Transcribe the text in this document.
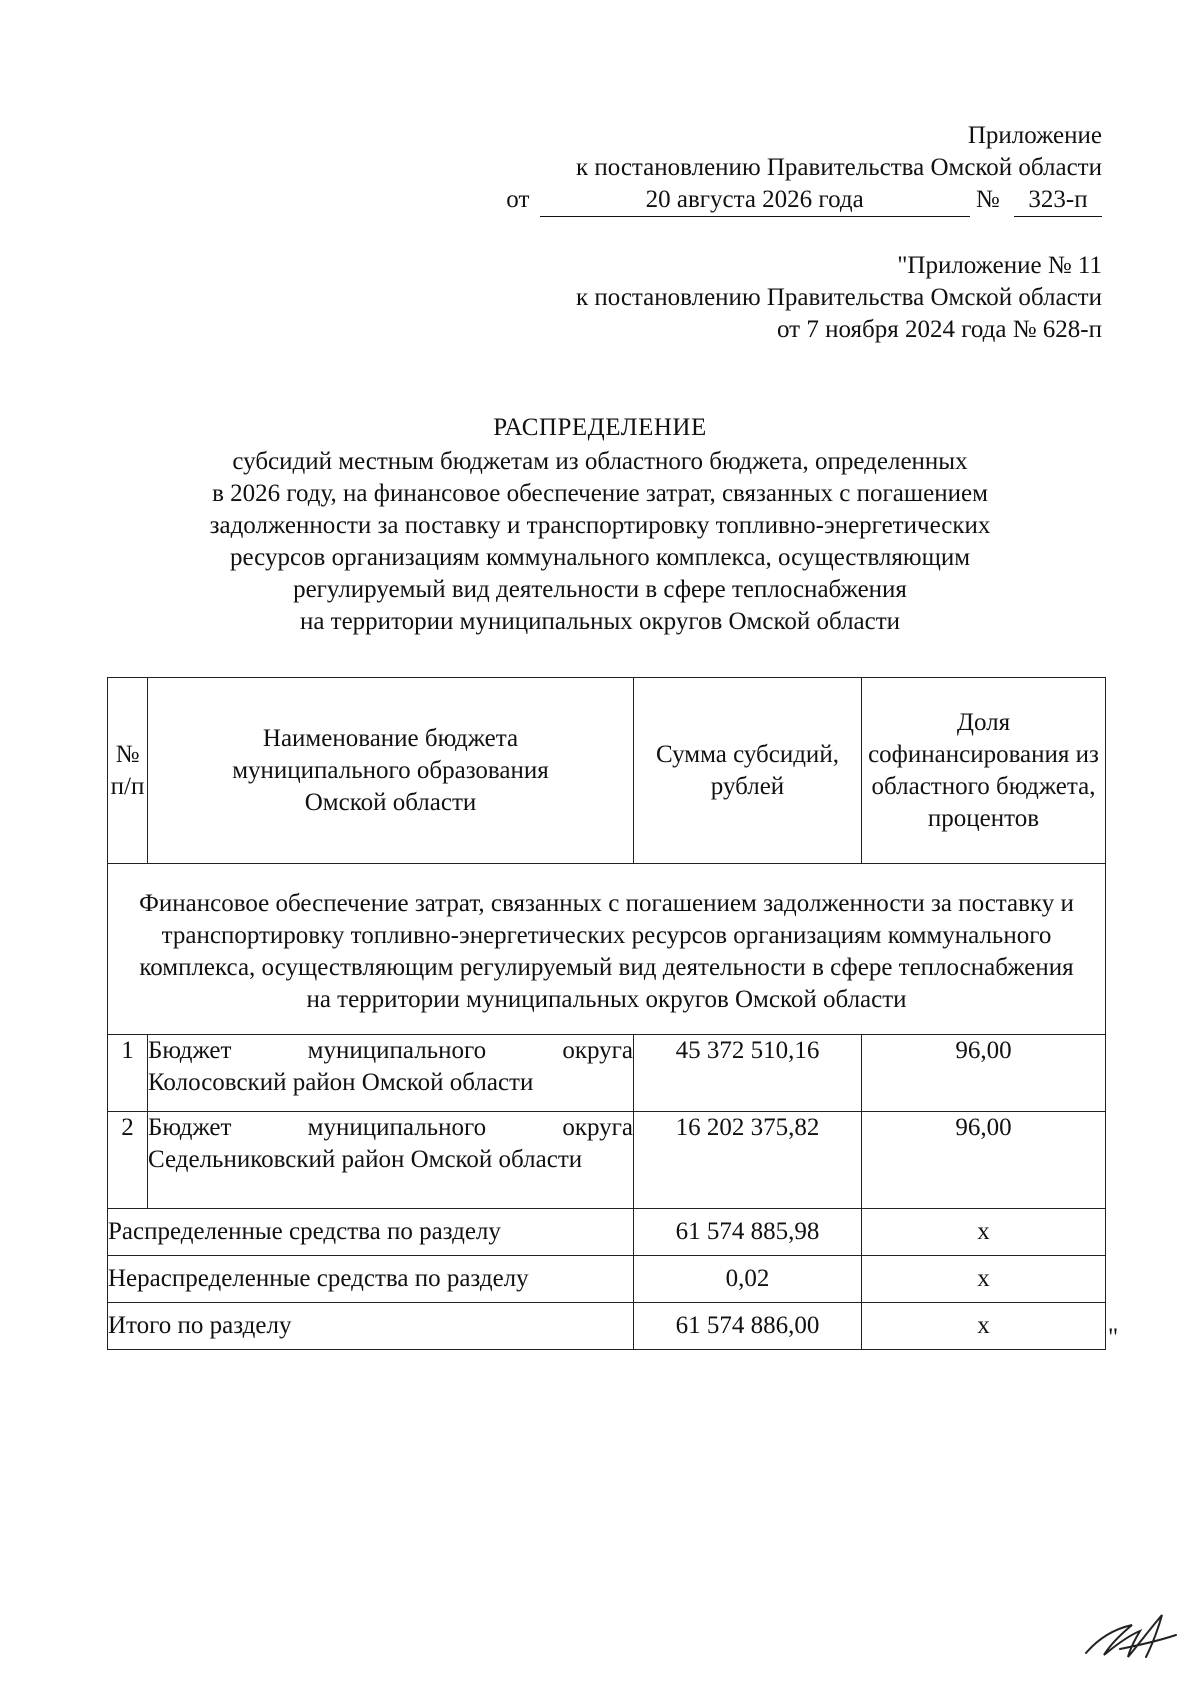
Приложение
к постановлению Правительства Омской области
от	20 августа 2026 года	№ 323-п
"Приложение № 11
к постановлению Правительства Омской области
от 7 ноября 2024 года № 628-п
РАСПРЕДЕЛЕНИЕ
субсидий местным бюджетам из областного бюджета, определенных
в 2026 году, на финансовое обеспечение затрат, связанных с погашением
задолженности за поставку и транспортировку топливно-энергетических
ресурсов организациям коммунального комплекса, осуществляющим
регулируемый вид деятельности в сфере теплоснабжения
на территории муниципальных округов Омской области
№ п/п	Наименование бюджета муниципального образования Омской области	Сумма субсидий, рублей	Доля софинансирования из областного бюджета, процентов
Финансовое обеспечение затрат, связанных с погашением задолженности за поставку и транспортировку топливно-энергетических ресурсов организациям коммунального комплекса, осуществляющим регулируемый вид деятельности в сфере теплоснабжения на территории муниципальных округов Омской области			
1	Бюджет муниципального округа Колосовский район Омской области	45 372 510,16	96,00
2	Бюджет муниципального округа Седельниковский район Омской области	16 202 375,82	96,00
Распределенные средства по разделу		61 574 885,98	x
Нераспределенные средства по разделу		0,02	x
Итого по разделу		61 574 886,00	x	"
